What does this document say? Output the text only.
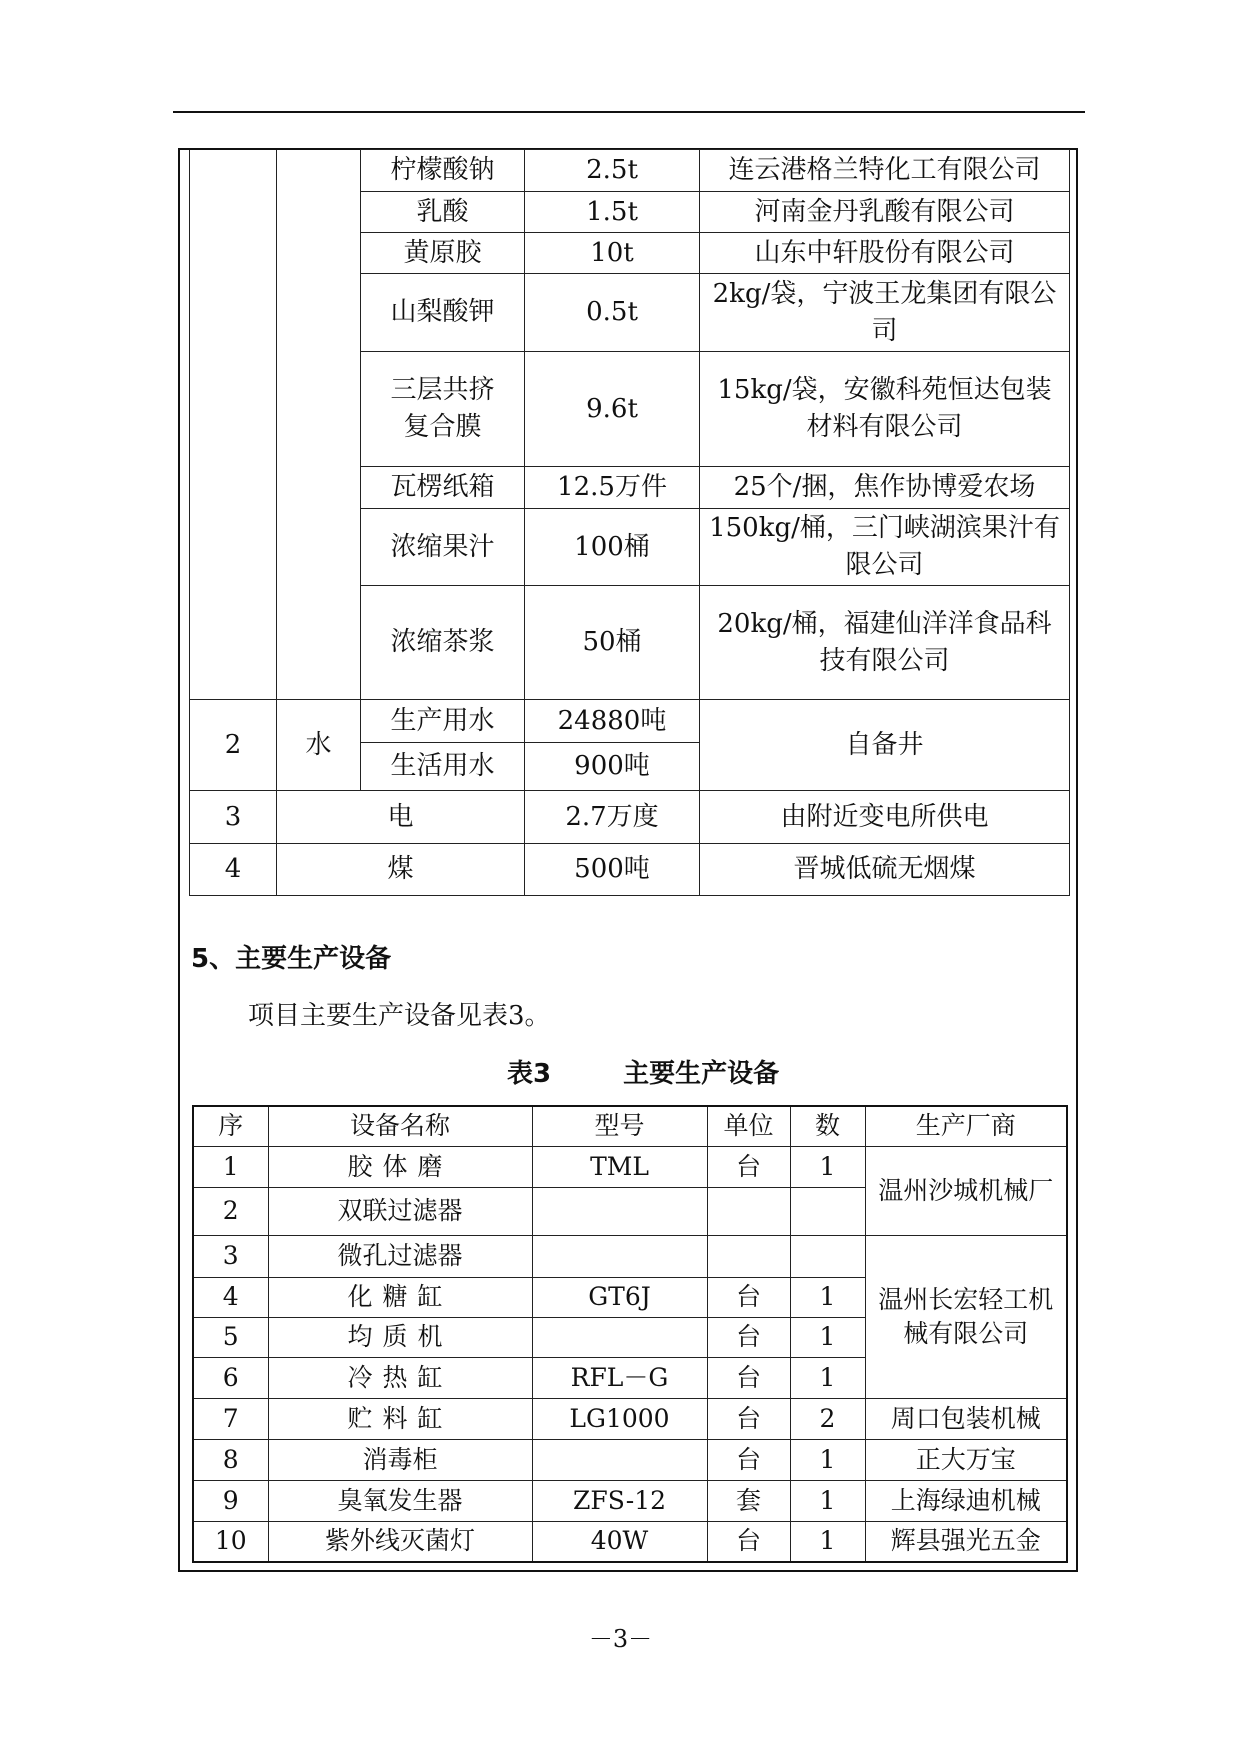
		柠檬酸钠	2.5t	连云港格兰特化工有限公司
		乳酸	1.5t	河南金丹乳酸有限公司
		黄原胶	10t	山东中轩股份有限公司
		山梨酸钾	0.5t	2kg/袋，宁波王龙集团有限公司
		三层共挤复合膜	9.6t	15kg/袋，安徽科苑恒达包装材料有限公司
		瓦楞纸箱	12.5万件	25个/捆，焦作协博爱农场
		浓缩果汁	100桶	150kg/桶，三门峡湖滨果汁有限公司
		浓缩茶浆	50桶	20kg/桶，福建仙洋洋食品科技有限公司
2	水	生产用水	24880吨	自备井
		生活用水	900吨	
3	电		2.7万度	由附近变电所供电
4	煤		500吨	晋城低硫无烟煤
5、主要生产设备
项目主要生产设备见表3。
表3	主要生产设备
序	设备名称	型号	单位	数	生产厂商
1	胶体磨	TML	台	1	温州沙城机械厂
2	双联过滤器				
3	微孔过滤器				温州长宏轻工机械有限公司
4	化糖缸	GT6J	台	1	
5	均质机		台	1	
6	冷热缸	RFL－G	台	1	
7	贮料缸	LG1000	台	2	周口包装机械
8	消毒柜		台	1	正大万宝
9	臭氧发生器	ZFS-12	套	1	上海绿迪机械
10	紫外线灭菌灯	40W	台	1	辉县强光五金
－3－
